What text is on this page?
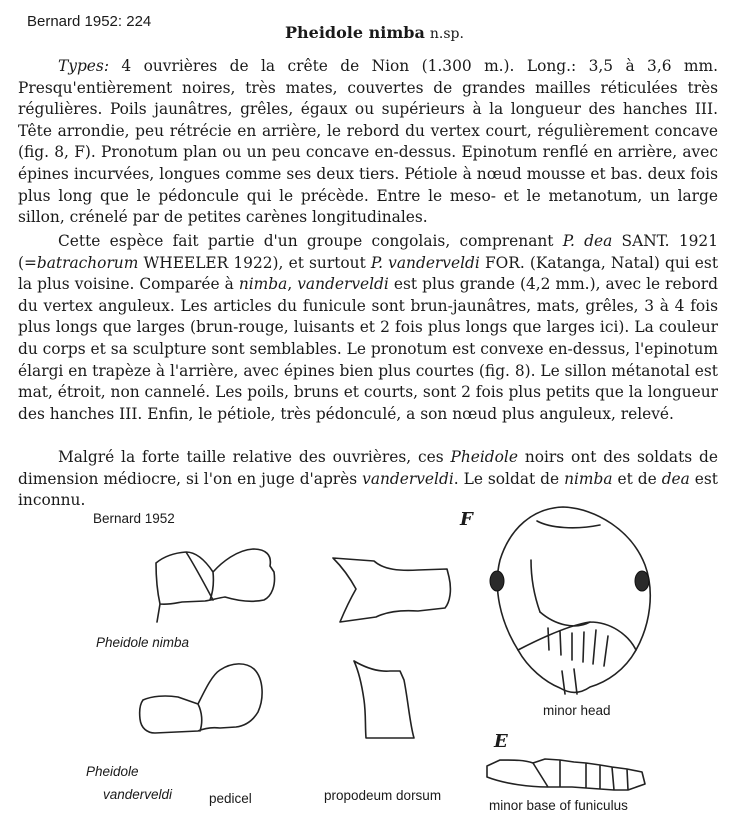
Bernard 1952: 224
Pheidole nimba n.sp.
Types: 4 ouvrières de la crête de Nion (1.300 m.). Long.: 3,5 à 3,6 mm. Presqu'entièrement noires, très mates, couvertes de grandes mailles réticulées très régulières. Poils jaunâtres, grêles, égaux ou supérieurs à la longueur des hanches III. Tête arrondie, peu rétrécie en arrière, le rebord du vertex court, régulièrement concave (fig. 8, F). Pronotum plan ou un peu concave en-dessus. Epinotum renflé en arrière, avec épines incurvées, longues comme ses deux tiers. Pétiole à nœud mousse et bas. deux fois plus long que le pédoncule qui le précède. Entre le meso- et le metanotum, un large sillon, crénelé par de petites carènes longitudinales.
Cette espèce fait partie d'un groupe congolais, comprenant P. dea SANT. 1921 (=batrachorum WHEELER 1922), et surtout P. vanderveldi FOR. (Katanga, Natal) qui est la plus voisine. Comparée à nimba, vanderveldi est plus grande (4,2 mm.), avec le rebord du vertex anguleux. Les articles du funicule sont brun-jaunâtres, mats, grêles, 3 à 4 fois plus longs que larges (brun-rouge, luisants et 2 fois plus longs que larges ici). La couleur du corps et sa sculpture sont semblables. Le pronotum est convexe en-dessus, l'epinotum élargi en trapèze à l'arrière, avec épines bien plus courtes (fig. 8). Le sillon métanotal est mat, étroit, non cannelé. Les poils, bruns et courts, sont 2 fois plus petits que la longueur des hanches III. Enfin, le pétiole, très pédonculé, a son nœud plus anguleux, relevé.
Malgré la forte taille relative des ouvrières, ces Pheidole noirs ont des soldats de dimension médiocre, si l'on en juge d'après vanderveldi. Le soldat de nimba et de dea est inconnu.
Bernard 1952
Pheidole nimba
Pheidole
vanderveldi	pedicel	propodeum dorsum
F
minor head
E
minor base of funiculus
